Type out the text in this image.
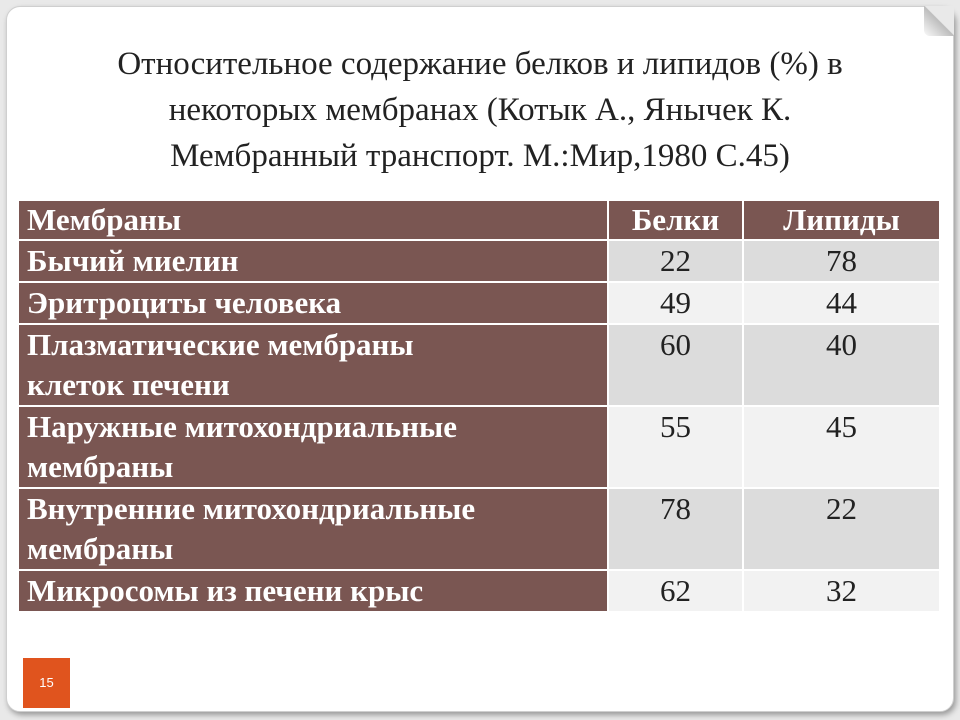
Относительное содержание белков и липидов (%) в
некоторых мембранах (Котык А., Янычек К.
Мембранный транспорт. М.:Мир,1980 С.45)
Мембраны	Белки	Липиды
Бычий миелин	22	78
Эритроциты человека	49	44

Плазматические мембраны
клеток печени	60	40

Наружные митохондриальные
мембраны	55	45

Внутренние митохондриальные
мембраны	78	22
Микросомы из печени крыс	62	32
15
